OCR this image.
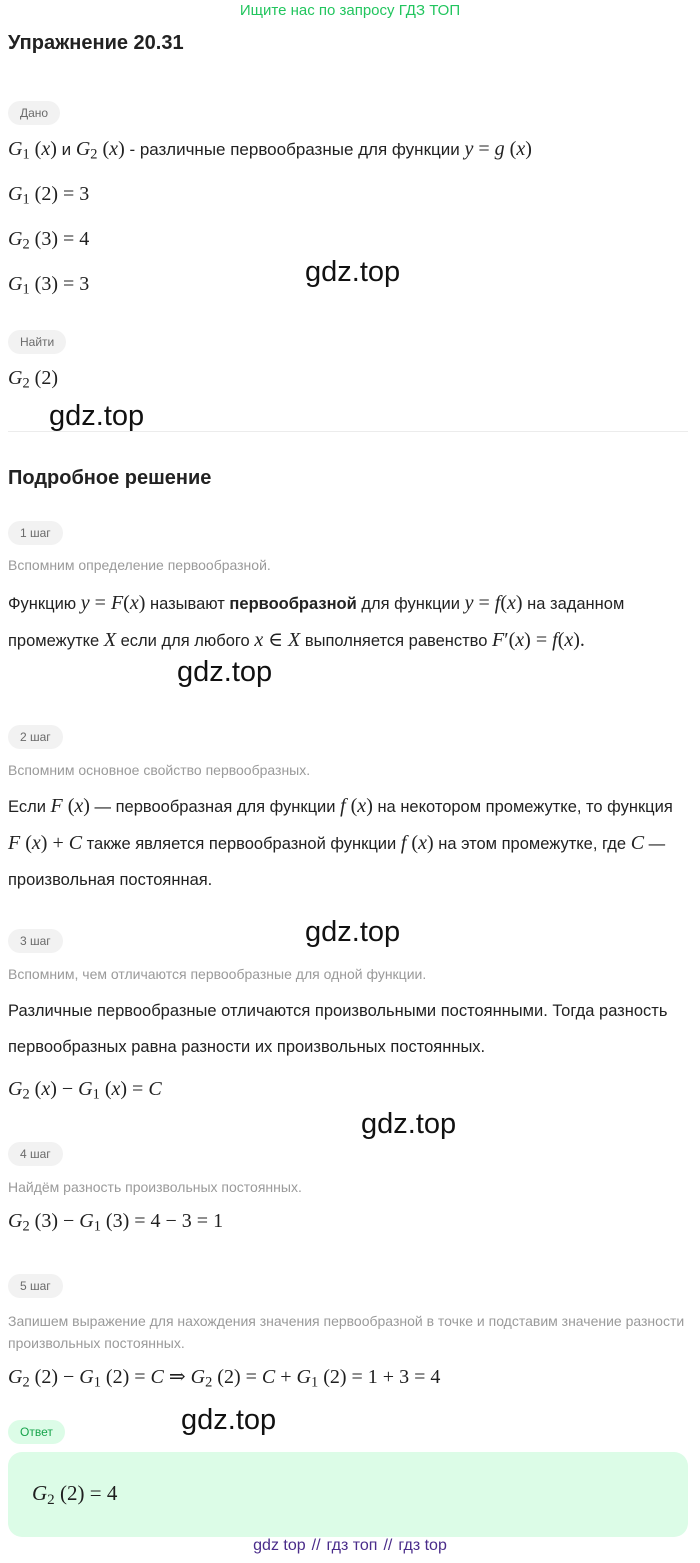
Ищите нас по запросу ГДЗ ТОП
Упражнение 20.31
Дано
$G_1$ (x) и $G_2$ (x) - различные первообразные для функции y = g (x)
$G_1$ (2) = 3
$G_2$ (3) = 4
$G_1$ (3) = 3
Найти
$G_2$ (2)
Подробное решение
1 шаг
Вспомним определение первообразной.
Функцию y = F(x) называют первообразной для функции y = f(x) на заданном промежутке X если для любого x ∈ X выполняется равенство F′(x) = f(x).
2 шаг
Вспомним основное свойство первообразных.
Если F (x) — первообразная для функции f (x) на некотором промежутке, то функция F (x) + C также является первообразной функции f (x) на этом промежутке, где C — произвольная постоянная.
3 шаг
Вспомним, чем отличаются первообразные для одной функции.
Различные первообразные отличаются произвольными постоянными. Тогда разность первообразных равна разности их произвольных постоянных.
$G_2$ $(x) - G_1$ (x) = C
4 шаг
Найдём разность произвольных постоянных.
$G_2$ $(3) - G_1$ (3) = 4 − 3 = 1
5 шаг
Запишем выражение для нахождения значения первообразной в точке и подставим значение разности произвольных постоянных.
$G_2$ $(2) - G_1$ (2) = C ⇒ $G_2$ $(2) = C + G_1$ (2) = 1 + 3 = 4
Ответ
$G_2$ (2) = 4
gdz.top
gdz.top
gdz.top
gdz.top
gdz.top
gdz.top
gdz top // гдз топ // гдз top
